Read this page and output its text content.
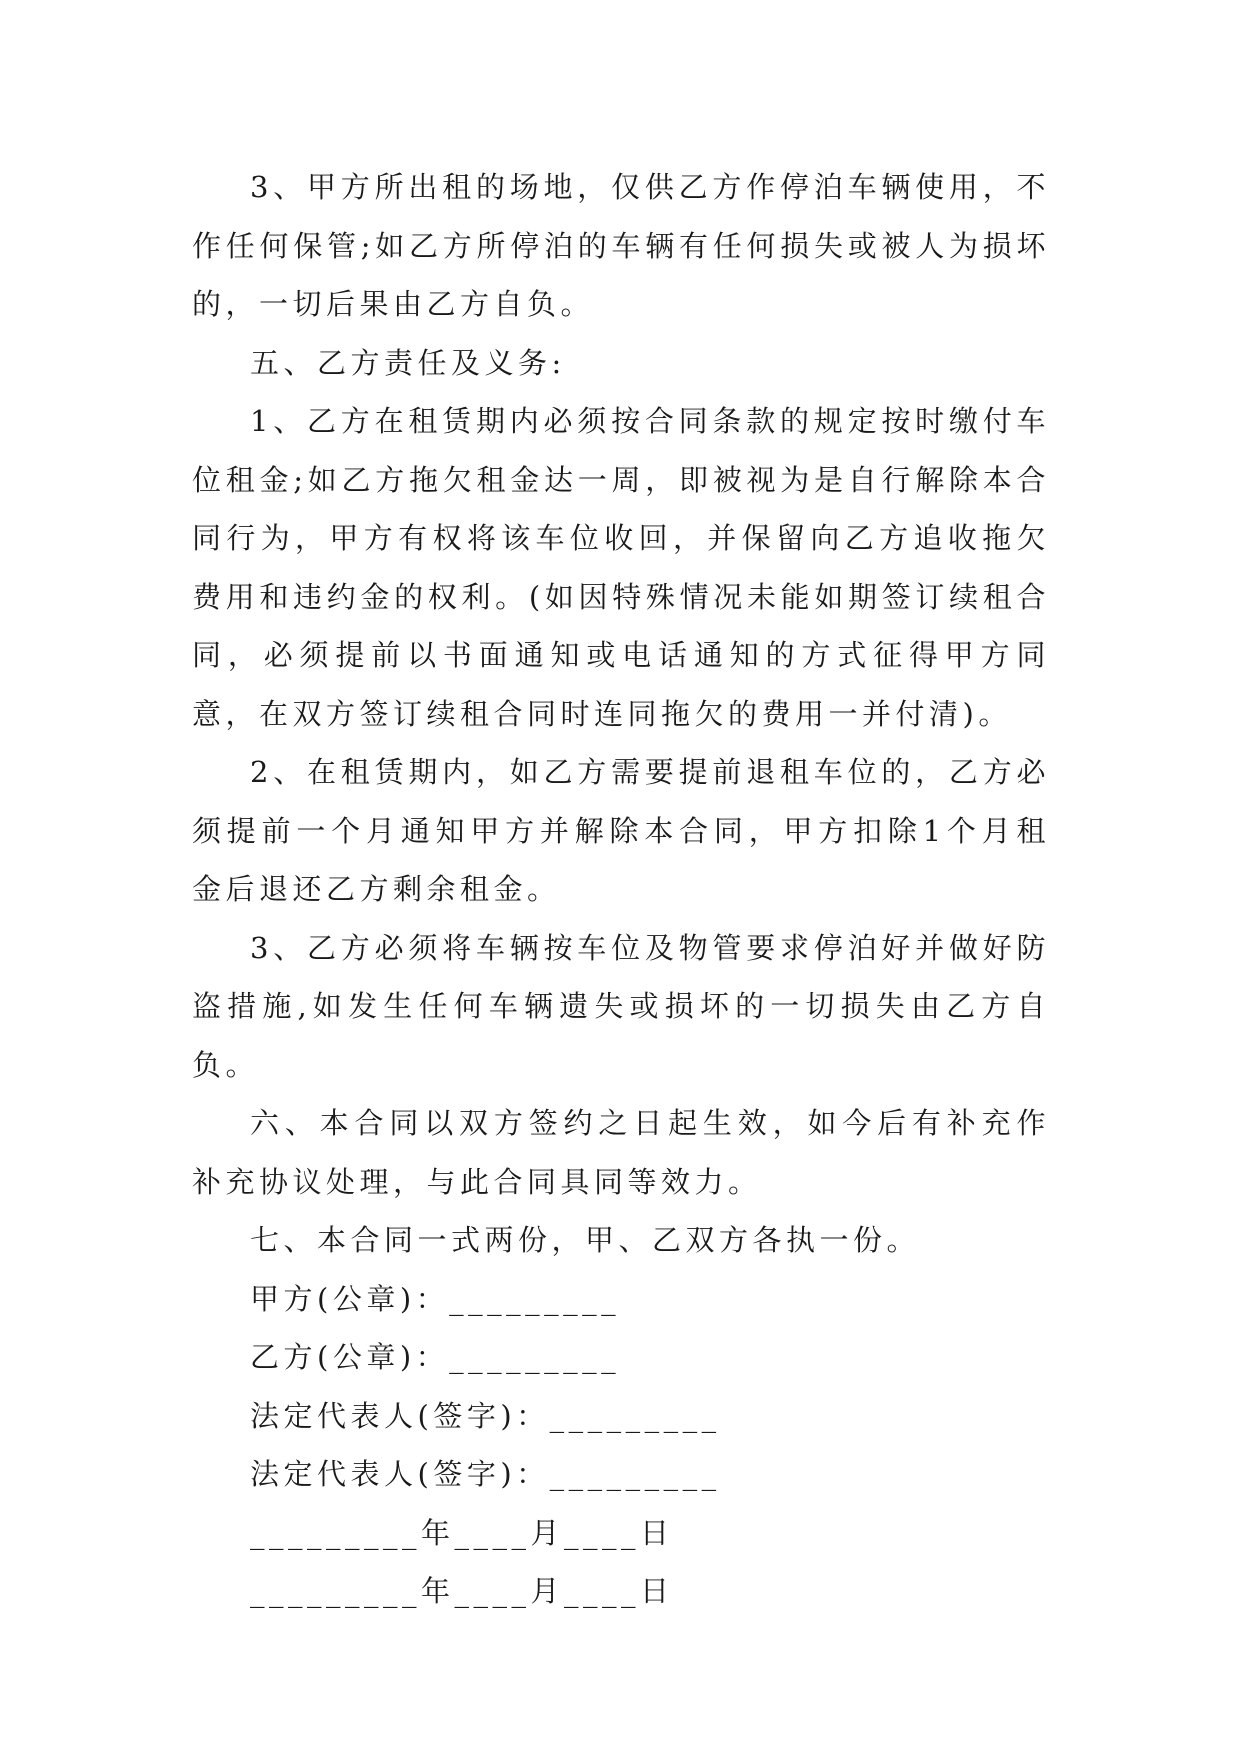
3、甲方所出租的场地，仅供乙方作停泊车辆使用，不作任何保管;如乙方所停泊的车辆有任何损失或被人为损坏的，一切后果由乙方自负。

五、乙方责任及义务:

1、乙方在租赁期内必须按合同条款的规定按时缴付车位租金;如乙方拖欠租金达一周，即被视为是自行解除本合同行为，甲方有权将该车位收回，并保留向乙方追收拖欠费用和违约金的权利。(如因特殊情况未能如期签订续租合同，必须提前以书面通知或电话通知的方式征得甲方同意，在双方签订续租合同时连同拖欠的费用一并付清)。

2、在租赁期内，如乙方需要提前退租车位的，乙方必须提前一个月通知甲方并解除本合同，甲方扣除1个月租金后退还乙方剩余租金。

3、乙方必须将车辆按车位及物管要求停泊好并做好防盗措施,如发生任何车辆遗失或损坏的一切损失由乙方自负。

六、本合同以双方签约之日起生效，如今后有补充作补充协议处理，与此合同具同等效力。

七、本合同一式两份，甲、乙双方各执一份。

甲方(公章)：_________

乙方(公章)：_________

法定代表人(签字)：_________

法定代表人(签字)：_________

_________年____月____日

_________年____月____日
